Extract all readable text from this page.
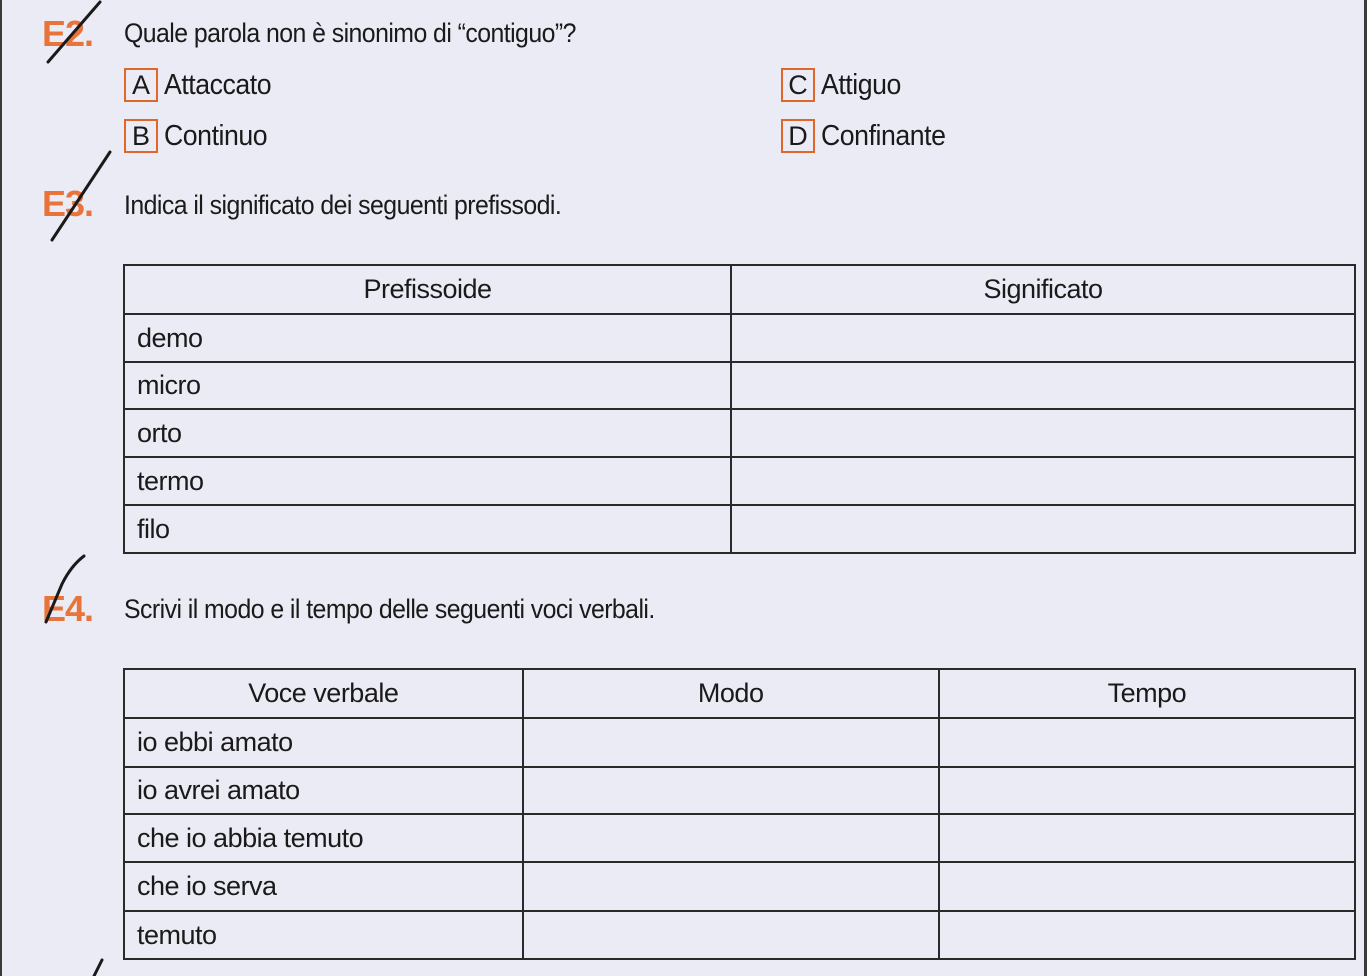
E2. Quale parola non è sinonimo di “contiguo”?
A Attaccato
B Continuo
C Attiguo
D Confinante
E3. Indica il significato dei seguenti prefissodi.
Prefissoide	Significato
demo	
micro	
orto	
termo	
filo	
E4. Scrivi il modo e il tempo delle seguenti voci verbali.
Voce verbale	Modo	Tempo
io ebbi amato		
io avrei amato		
che io abbia temuto		
che io serva		
temuto		
